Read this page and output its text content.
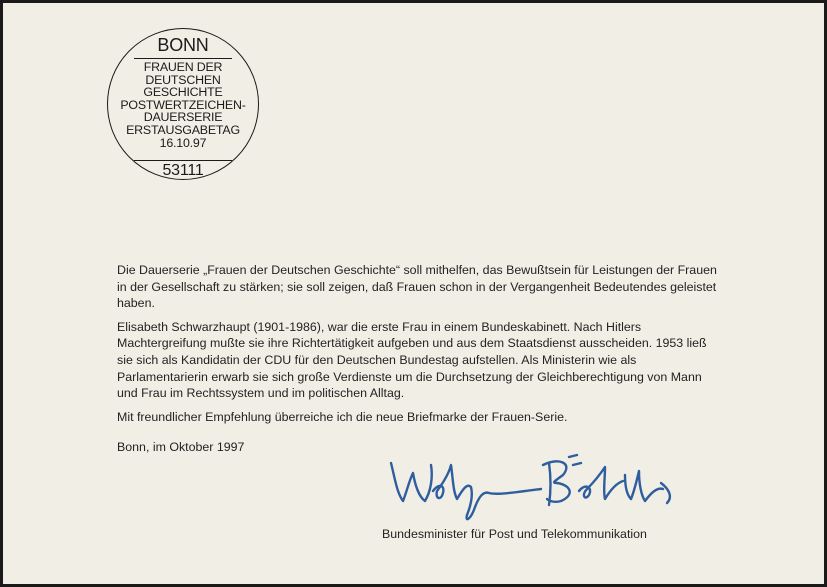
BONN
FRAUEN DER
DEUTSCHEN
GESCHICHTE
POSTWERTZEICHEN-
DAUERSERIE
ERSTAUSGABETAG
16.10.97
53111

Die Dauerserie „Frauen der Deutschen Geschichte“ soll mithelfen, das Bewußtsein für Leistungen der Frauen in der Gesellschaft zu stärken; sie soll zeigen, daß Frauen schon in der Vergangenheit Bedeutendes geleistet haben.

Elisabeth Schwarzhaupt (1901-1986), war die erste Frau in einem Bundeskabinett. Nach Hitlers Machtergreifung mußte sie ihre Richtertätigkeit aufgeben und aus dem Staatsdienst ausscheiden. 1953 ließ sie sich als Kandidatin der CDU für den Deutschen Bundestag aufstellen. Als Ministerin wie als Parlamentarierin erwarb sie sich große Verdienste um die Durchsetzung der Gleichberechtigung von Mann und Frau im Rechtssystem und im politischen Alltag.

Mit freundlicher Empfehlung überreiche ich die neue Briefmarke der Frauen-Serie.

Bonn, im Oktober 1997
Bundesminister für Post und Telekommunikation
